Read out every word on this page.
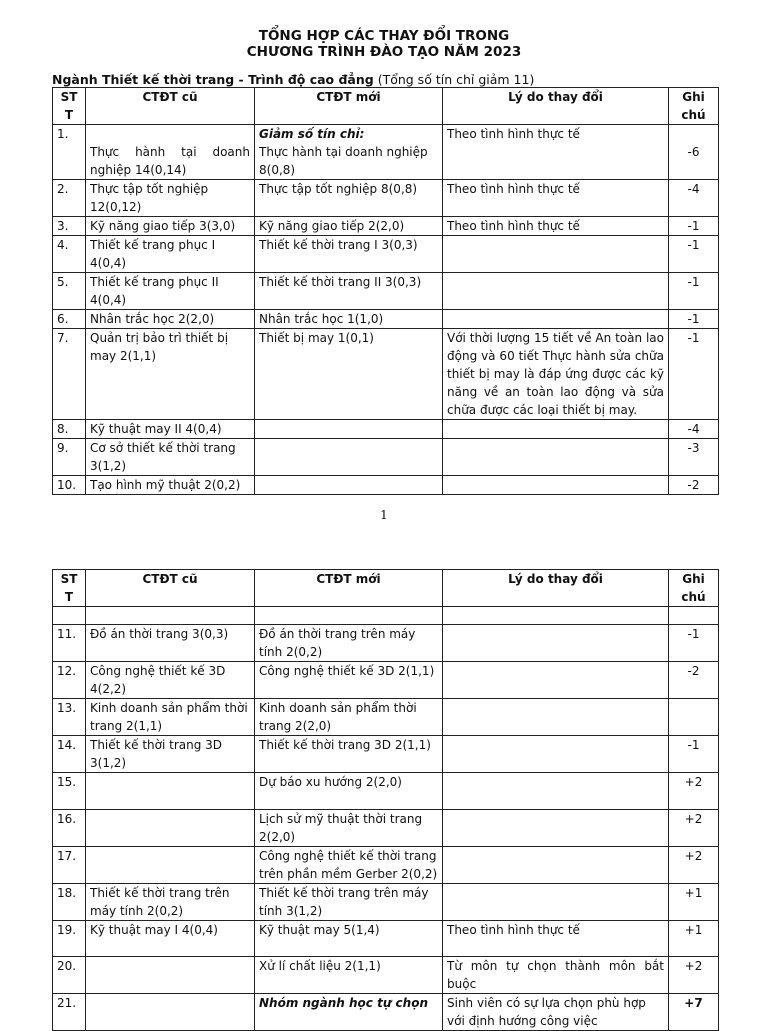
TỔNG HỢP CÁC THAY ĐỔI TRONG
CHƯƠNG TRÌNH ĐÀO TẠO NĂM 2023
Ngành Thiết kế thời trang - Trình độ cao đẳng (Tổng số tín chỉ giảm 11)
ST T	CTĐT cũ	CTĐT mới	Lý do thay đổi	Ghi chú
1.	Thực hành tại doanh nghiệp 14(0,14)	Giảm số tín chỉ:
Thực hành tại doanh nghiệp 8(0,8)	Theo tình hình thực tế	-6
2.	Thực tập tốt nghiệp 12(0,12)	Thực tập tốt nghiệp 8(0,8)	Theo tình hình thực tế	-4
3.	Kỹ năng giao tiếp 3(3,0)	Kỹ năng giao tiếp 2(2,0)	Theo tình hình thực tế	-1
4.	Thiết kế trang phục I 4(0,4)	Thiết kế thời trang I 3(0,3)		-1
5.	Thiết kế trang phục II 4(0,4)	Thiết kế thời trang II 3(0,3)		-1
6.	Nhân trắc học 2(2,0)	Nhân trắc học 1(1,0)		-1
7.	Quản trị bảo trì thiết bị may 2(1,1)	Thiết bị may 1(0,1)	Với thời lượng 15 tiết về An toàn lao động và 60 tiết Thực hành sửa chữa thiết bị may là đáp ứng được các kỹ năng về an toàn lao động và sửa chữa được các loại thiết bị may.	-1
8.	Kỹ thuật may II 4(0,4)			-4
9.	Cơ sở thiết kế thời trang 3(1,2)			-3
10.	Tạo hình mỹ thuật 2(0,2)			-2
1
ST T	CTĐT cũ	CTĐT mới	Lý do thay đổi	Ghi chú

11.	Đồ án thời trang 3(0,3)	Đồ án thời trang trên máy tính 2(0,2)		-1
12.	Công nghệ thiết kế 3D 4(2,2)	Công nghệ thiết kế 3D 2(1,1)		-2
13.	Kinh doanh sản phẩm thời trang 2(1,1)	Kinh doanh sản phẩm thời trang 2(2,0)		
14.	Thiết kế thời trang 3D 3(1,2)	Thiết kế thời trang 3D 2(1,1)		-1
15.		Dự báo xu hướng 2(2,0)		+2
16.		Lịch sử mỹ thuật thời trang 2(2,0)		+2
17.		Công nghệ thiết kế thời trang trên phần mềm Gerber 2(0,2)		+2
18.	Thiết kế thời trang trên máy tính 2(0,2)	Thiết kế thời trang trên máy tính 3(1,2)		+1
19.	Kỹ thuật may I 4(0,4)	Kỹ thuật may 5(1,4)	Theo tình hình thực tế	+1
20.		Xử lí chất liệu 2(1,1)	Từ môn tự chọn thành môn bắt buộc	+2
21.		Nhóm ngành học tự chọn	Sinh viên có sự lựa chọn phù hợp với định hướng công việc	+7
